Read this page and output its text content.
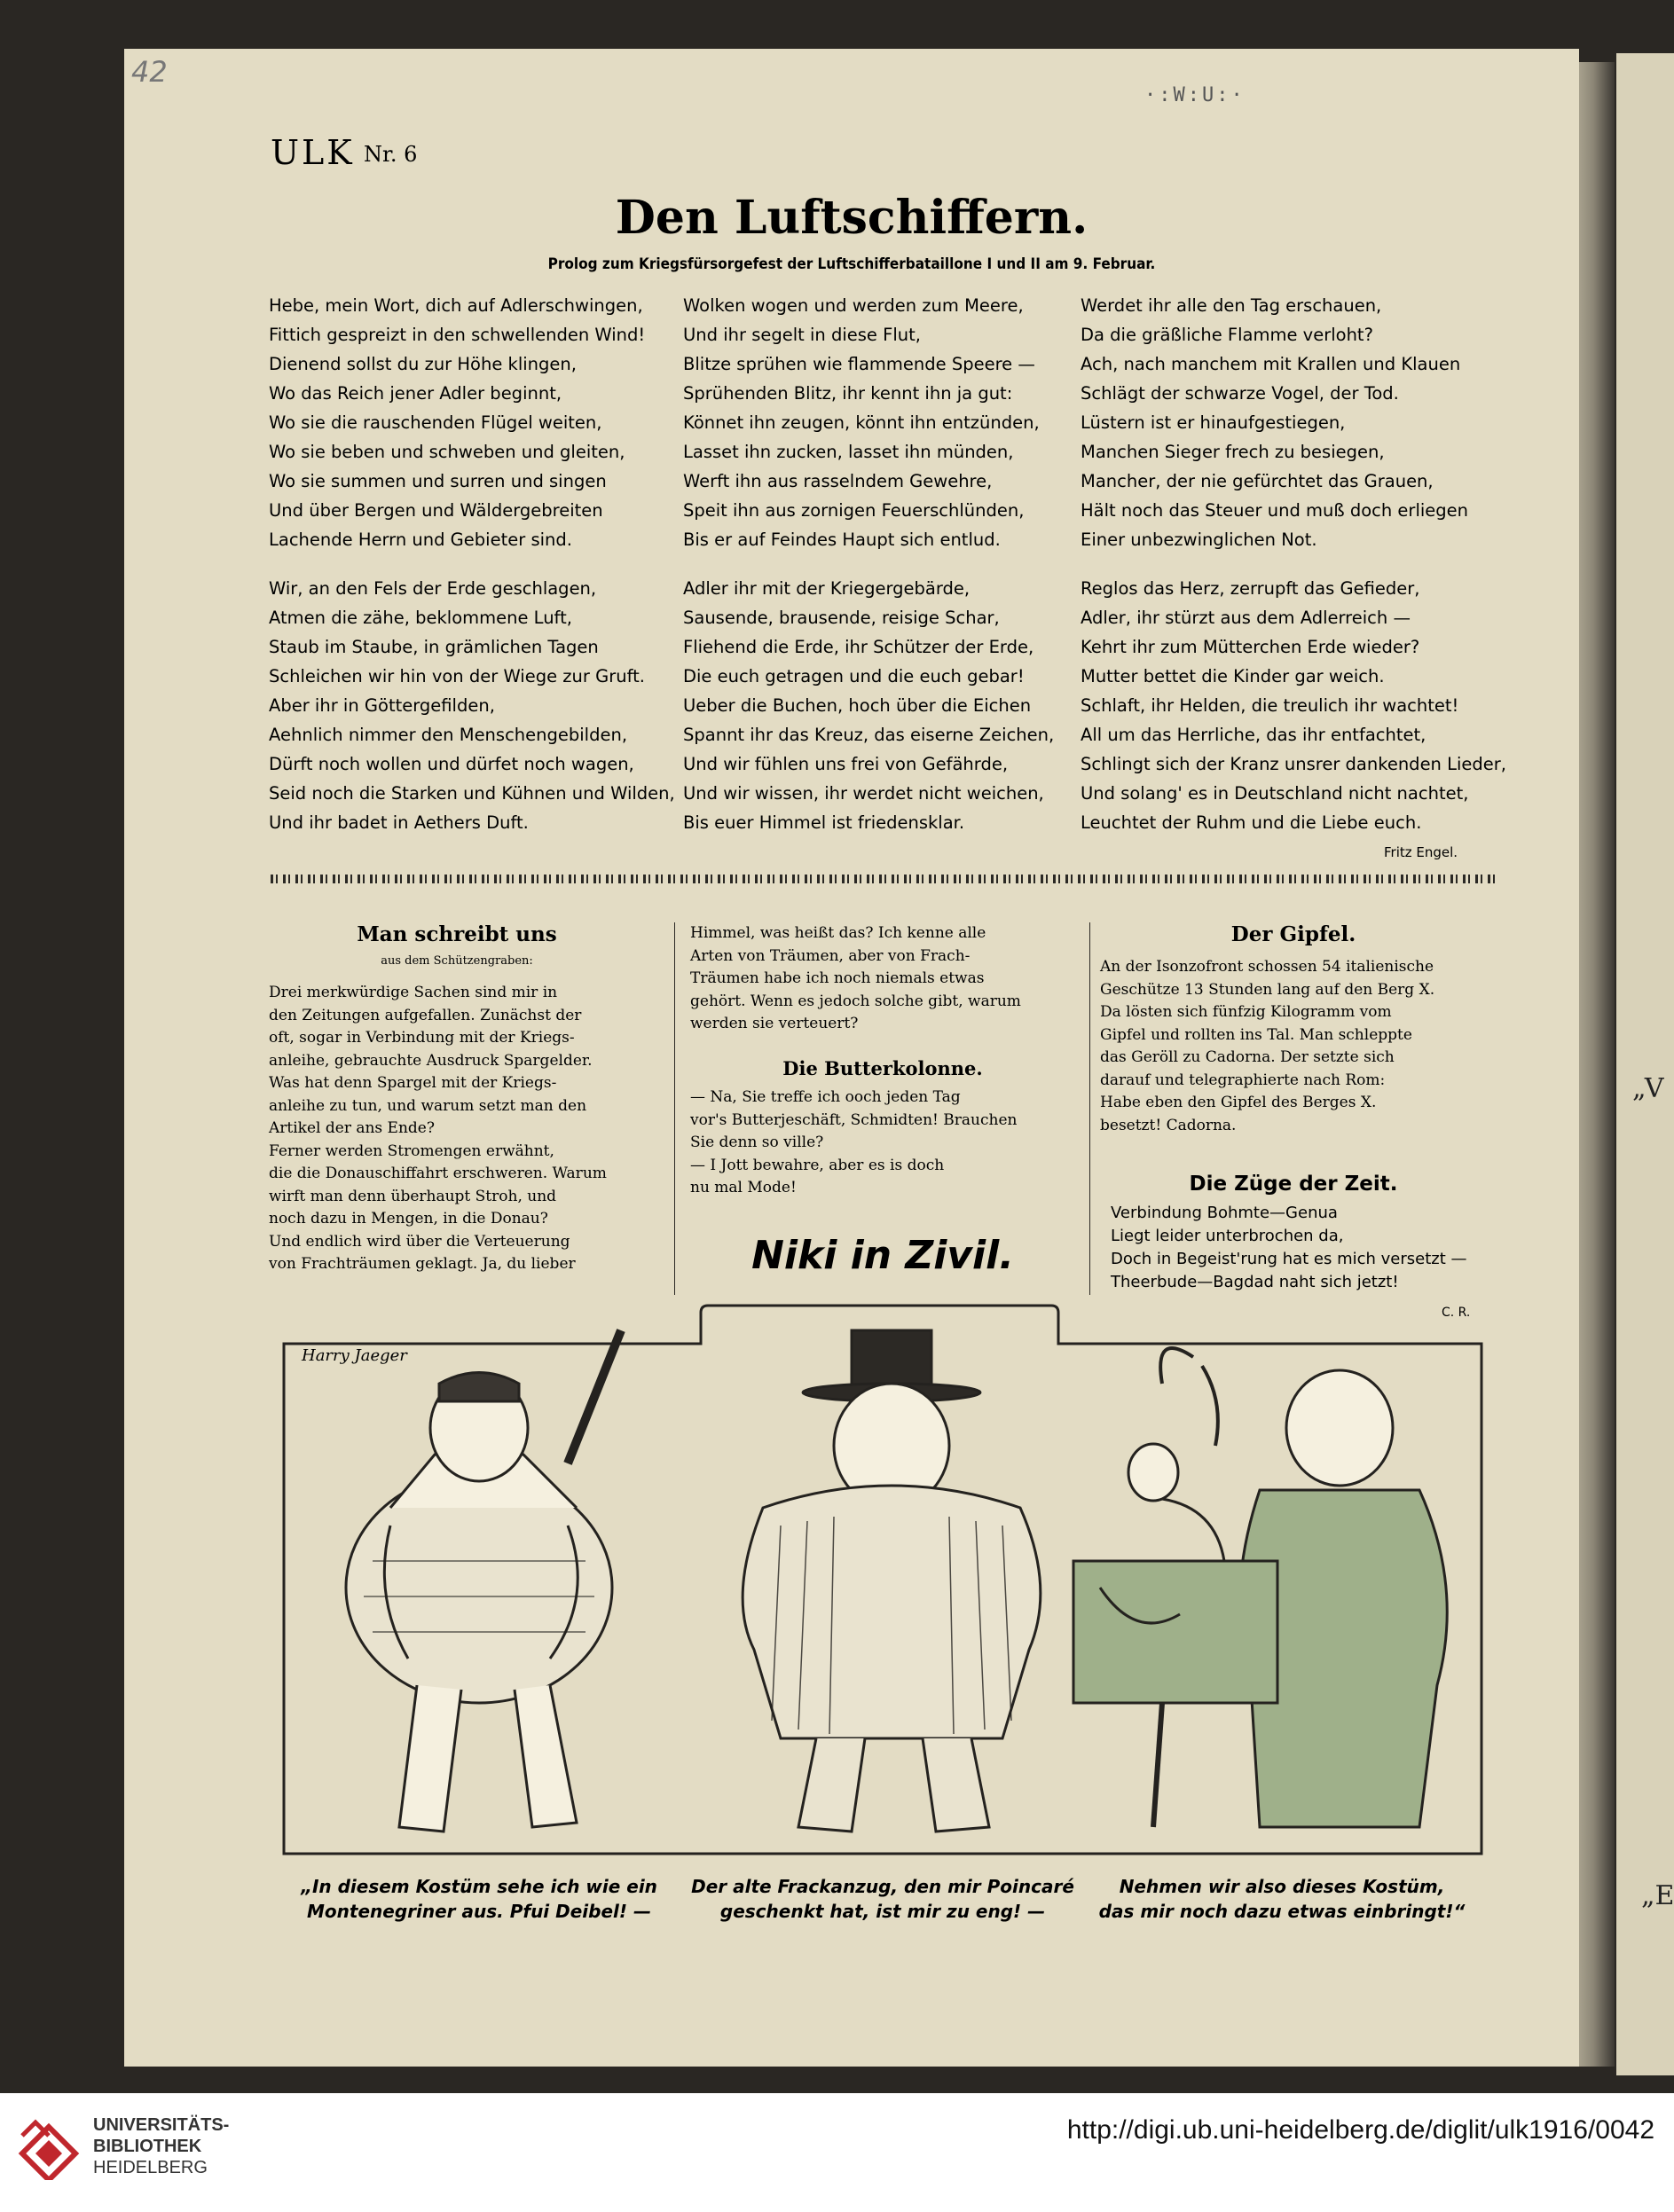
„V
„E
42
·:W:U:·
ULK Nr. 6
Den Luftschiffern.
Prolog zum Kriegsfürsorgefest der Luftschifferbataillone I und II am 9. Februar.
Hebe, mein Wort, dich auf Adlerschwingen,
Fittich gespreizt in den schwellenden Wind!
Dienend sollst du zur Höhe klingen,
Wo das Reich jener Adler beginnt,
Wo sie die rauschenden Flügel weiten,
Wo sie beben und schweben und gleiten,
Wo sie summen und surren und singen
Und über Bergen und Wäldergebreiten
Lachende Herrn und Gebieter sind.
Wir, an den Fels der Erde geschlagen,
Atmen die zähe, beklommene Luft,
Staub im Staube, in grämlichen Tagen
Schleichen wir hin von der Wiege zur Gruft.
Aber ihr in Göttergefilden,
Aehnlich nimmer den Menschengebilden,
Dürft noch wollen und dürfet noch wagen,
Seid noch die Starken und Kühnen und Wilden,
Und ihr badet in Aethers Duft.
Wolken wogen und werden zum Meere,
Und ihr segelt in diese Flut,
Blitze sprühen wie flammende Speere —
Sprühenden Blitz, ihr kennt ihn ja gut:
Könnet ihn zeugen, könnt ihn entzünden,
Lasset ihn zucken, lasset ihn münden,
Werft ihn aus rasselndem Gewehre,
Speit ihn aus zornigen Feuerschlünden,
Bis er auf Feindes Haupt sich entlud.
Adler ihr mit der Kriegergebärde,
Sausende, brausende, reisige Schar,
Fliehend die Erde, ihr Schützer der Erde,
Die euch getragen und die euch gebar!
Ueber die Buchen, hoch über die Eichen
Spannt ihr das Kreuz, das eiserne Zeichen,
Und wir fühlen uns frei von Gefährde,
Und wir wissen, ihr werdet nicht weichen,
Bis euer Himmel ist friedensklar.
Werdet ihr alle den Tag erschauen,
Da die gräßliche Flamme verloht?
Ach, nach manchem mit Krallen und Klauen
Schlägt der schwarze Vogel, der Tod.
Lüstern ist er hinaufgestiegen,
Manchen Sieger frech zu besiegen,
Mancher, der nie gefürchtet das Grauen,
Hält noch das Steuer und muß doch erliegen
Einer unbezwinglichen Not.
Reglos das Herz, zerrupft das Gefieder,
Adler, ihr stürzt aus dem Adlerreich —
Kehrt ihr zum Mütterchen Erde wieder?
Mutter bettet die Kinder gar weich.
Schlaft, ihr Helden, die treulich ihr wachtet!
All um das Herrliche, das ihr entfachtet,
Schlingt sich der Kranz unsrer dankenden Lieder,
Und solang' es in Deutschland nicht nachtet,
Leuchtet der Ruhm und die Liebe euch.
Fritz Engel.
Man schreibt uns
aus dem Schützengraben:
Drei merkwürdige Sachen sind mir in
den Zeitungen aufgefallen. Zunächst der
oft, sogar in Verbindung mit der Kriegs-
anleihe, gebrauchte Ausdruck Spargelder.
Was hat denn Spargel mit der Kriegs-
anleihe zu tun, und warum setzt man den
Artikel der ans Ende?
Ferner werden Stromengen erwähnt,
die die Donauschiffahrt erschweren. Warum
wirft man denn überhaupt Stroh, und
noch dazu in Mengen, in die Donau?
Und endlich wird über die Verteuerung
von Frachträumen geklagt. Ja, du lieber
Himmel, was heißt das? Ich kenne alle
Arten von Träumen, aber von Frach-
Träumen habe ich noch niemals etwas
gehört. Wenn es jedoch solche gibt, warum
werden sie verteuert?
Die Butterkolonne.
— Na, Sie treffe ich ooch jeden Tag
vor's Butterjeschäft, Schmidten! Brauchen
Sie denn so ville?
— I Jott bewahre, aber es is doch
nu mal Mode!
Niki in Zivil.
Der Gipfel.
An der Isonzofront schossen 54 italienische
Geschütze 13 Stunden lang auf den Berg X.
Da lösten sich fünfzig Kilogramm vom
Gipfel und rollten ins Tal. Man schleppte
das Geröll zu Cadorna. Der setzte sich
darauf und telegraphierte nach Rom:
Habe eben den Gipfel des Berges X.
besetzt! Cadorna.
Die Züge der Zeit.
Verbindung Bohmte—Genua
Liegt leider unterbrochen da,
Doch in Begeist'rung hat es mich versetzt —
Theerbude—Bagdad naht sich jetzt!
C. R.
Harry Jaeger
„In diesem Kostüm sehe ich wie ein
Montenegriner aus. Pfui Deibel! —
Der alte Frackanzug, den mir Poincaré
geschenkt hat, ist mir zu eng! —
Nehmen wir also dieses Kostüm,
das mir noch dazu etwas einbringt!“
UNIVERSITÄTS-
BIBLIOTHEK
HEIDELBERG
http://digi.ub.uni-heidelberg.de/diglit/ulk1916/0042
